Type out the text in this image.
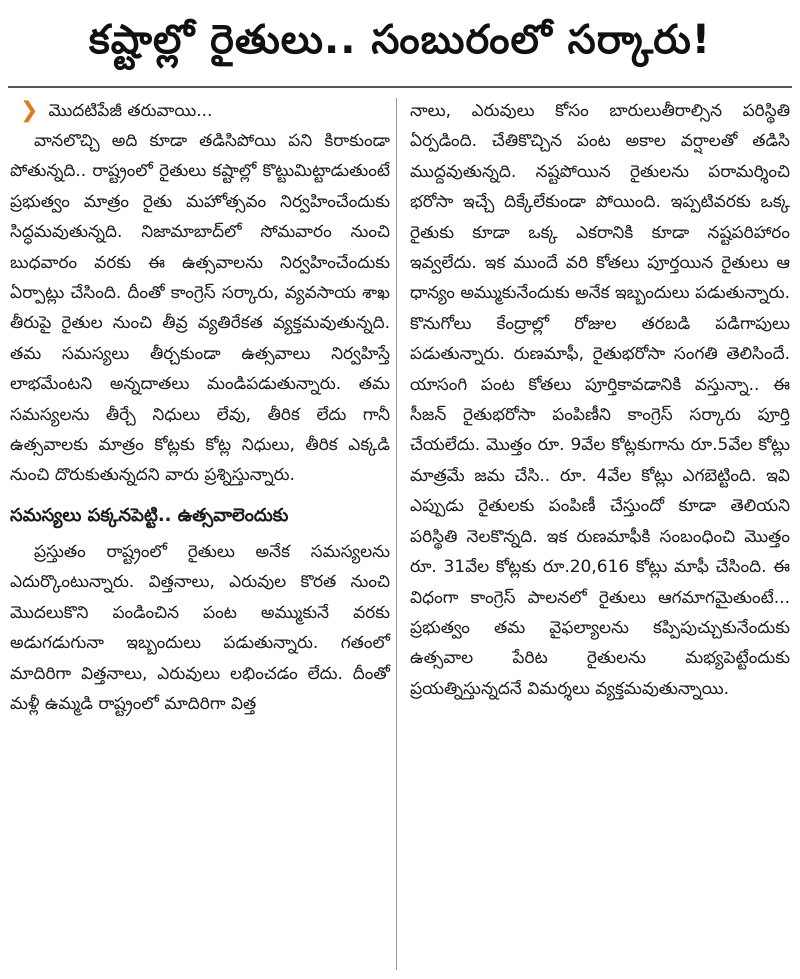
కష్టాల్లో రైతులు.. సంబురంలో సర్కారు!
❯ మొదటిపేజీ తరువాయి...

వానలొచ్చి అది కూడా తడిసిపోయి పని కిరాకుండా పోతున్నది.. రాష్ట్రంలో రైతులు కష్టాల్లో కొట్టుమిట్టాడుతుంటే ప్రభుత్వం మాత్రం రైతు మహోత్సవం నిర్వహించేందుకు సిద్ధమవుతున్నది. నిజామాబాద్‌లో సోమవారం నుంచి బుధవారం వరకు ఈ ఉత్సవాలను నిర్వహించేందుకు ఏర్పాట్లు చేసింది. దీంతో కాంగ్రెస్ సర్కారు, వ్యవసాయ శాఖ తీరుపై రైతుల నుంచి తీవ్ర వ్యతిరేకత వ్యక్తమవుతున్నది. తమ సమస్యలు తీర్చకుండా ఉత్సవాలు నిర్వహిస్తే లాభమేంటని అన్నదాతలు మండిపడుతున్నారు. తమ సమస్యలను తీర్చే నిధులు లేవు, తీరిక లేదు గానీ ఉత్సవాలకు మాత్రం కోట్లకు కోట్ల నిధులు, తీరిక ఎక్కడి నుంచి దొరుకుతున్నదని వారు ప్రశ్నిస్తున్నారు.

సమస్యలు పక్కనపెట్టి.. ఉత్సవాలెందుకు

ప్రస్తుతం రాష్ట్రంలో రైతులు అనేక సమస్యలను ఎదుర్కొంటున్నారు. విత్తనాలు, ఎరువుల కొరత నుంచి మొదలుకొని పండించిన పంట అమ్ముకునే వరకు అడుగడుగునా ఇబ్బందులు పడుతున్నారు. గతంలో మాదిరిగా విత్తనాలు, ఎరువులు లభించడం లేదు. దీంతో మళ్లీ ఉమ్మడి రాష్ట్రంలో మాదిరిగా విత్త

నాలు, ఎరువులు కోసం బారులుతీరాల్సిన పరిస్థితి ఏర్పడింది. చేతికొచ్చిన పంట అకాల వర్షాలతో తడిసి ముద్దవుతున్నది. నష్టపోయిన రైతులను పరామర్శించి భరోసా ఇచ్చే దిక్కేలేకుండా పోయింది. ఇప్పటివరకు ఒక్క రైతుకు కూడా ఒక్క ఎకరానికి కూడా నష్టపరిహారం ఇవ్వలేదు. ఇక ముందే వరి కోతలు పూర్తయిన రైతులు ఆ ధాన్యం అమ్ముకునేందుకు అనేక ఇబ్బందులు పడుతున్నారు. కొనుగోలు కేంద్రాల్లో రోజుల తరబడి పడిగాపులు పడుతున్నారు. రుణమాఫీ, రైతుభరోసా సంగతి తెలిసిందే. యాసంగి పంట కోతలు పూర్తికావడానికి వస్తున్నా.. ఈ సీజన్ రైతుభరోసా పంపిణీని కాంగ్రెస్ సర్కారు పూర్తి చేయలేదు. మొత్తం రూ. 9వేల కోట్లకుగాను రూ.5వేల కోట్లు మాత్రమే జమ చేసి.. రూ. 4వేల కోట్లు ఎగబెట్టింది. ఇవి ఎప్పుడు రైతులకు పంపిణీ చేస్తుందో కూడా తెలియని పరిస్థితి నెలకొన్నది. ఇక రుణమాఫీకి సంబంధించి మొత్తం రూ. 31వేల కోట్లకు రూ.20,616 కోట్లు మాఫీ చేసింది. ఈ విధంగా కాంగ్రెస్ పాలనలో రైతులు ఆగమాగమైతుంటే... ప్రభుత్వం తమ వైఫల్యాలను కప్పిపుచ్చుకునేందుకు ఉత్సవాల పేరిట రైతులను మభ్యపెట్టేందుకు ప్రయత్నిస్తున్నదనే విమర్శలు వ్యక్తమవుతున్నాయి.
